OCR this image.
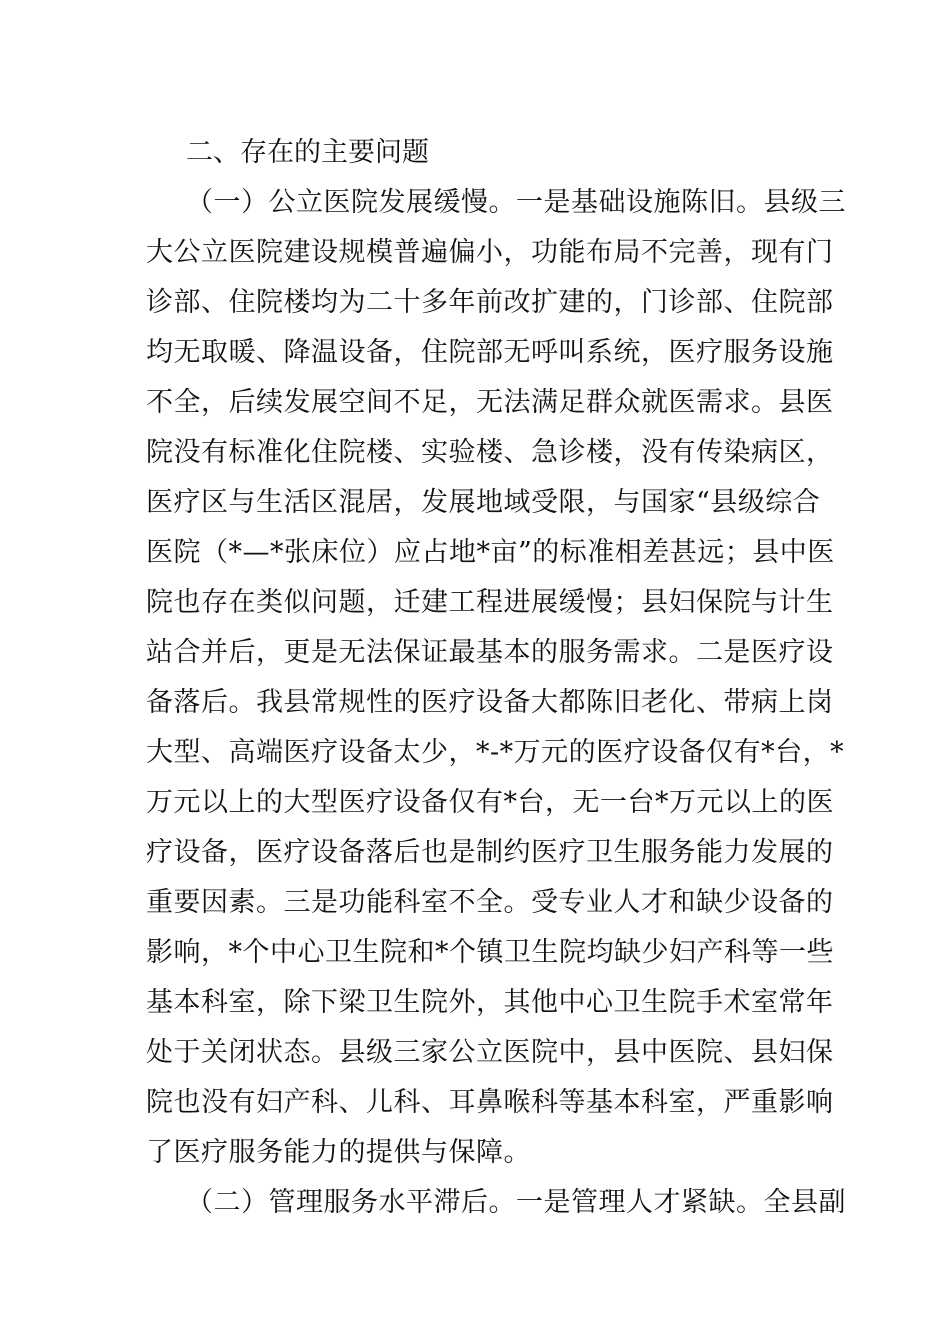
二、存在的主要问题
（一）公立医院发展缓慢。一是基础设施陈旧。县级三
大公立医院建设规模普遍偏小，功能布局不完善，现有门
诊部、住院楼均为二十多年前改扩建的，门诊部、住院部
均无取暖、降温设备，住院部无呼叫系统，医疗服务设施
不全，后续发展空间不足，无法满足群众就医需求。县医
院没有标准化住院楼、实验楼、急诊楼，没有传染病区，
医疗区与生活区混居，发展地域受限，与国家“县级综合
医院（*—*张床位）应占地*亩”的标准相差甚远；县中医
院也存在类似问题，迁建工程进展缓慢；县妇保院与计生
站合并后，更是无法保证最基本的服务需求。二是医疗设
备落后。我县常规性的医疗设备大都陈旧老化、带病上岗
大型、高端医疗设备太少，*-*万元的医疗设备仅有*台，*
万元以上的大型医疗设备仅有*台，无一台*万元以上的医
疗设备，医疗设备落后也是制约医疗卫生服务能力发展的
重要因素。三是功能科室不全。受专业人才和缺少设备的
影响，*个中心卫生院和*个镇卫生院均缺少妇产科等一些
基本科室，除下梁卫生院外，其他中心卫生院手术室常年
处于关闭状态。县级三家公立医院中，县中医院、县妇保
院也没有妇产科、儿科、耳鼻喉科等基本科室，严重影响
了医疗服务能力的提供与保障。
（二）管理服务水平滞后。一是管理人才紧缺。全县副
